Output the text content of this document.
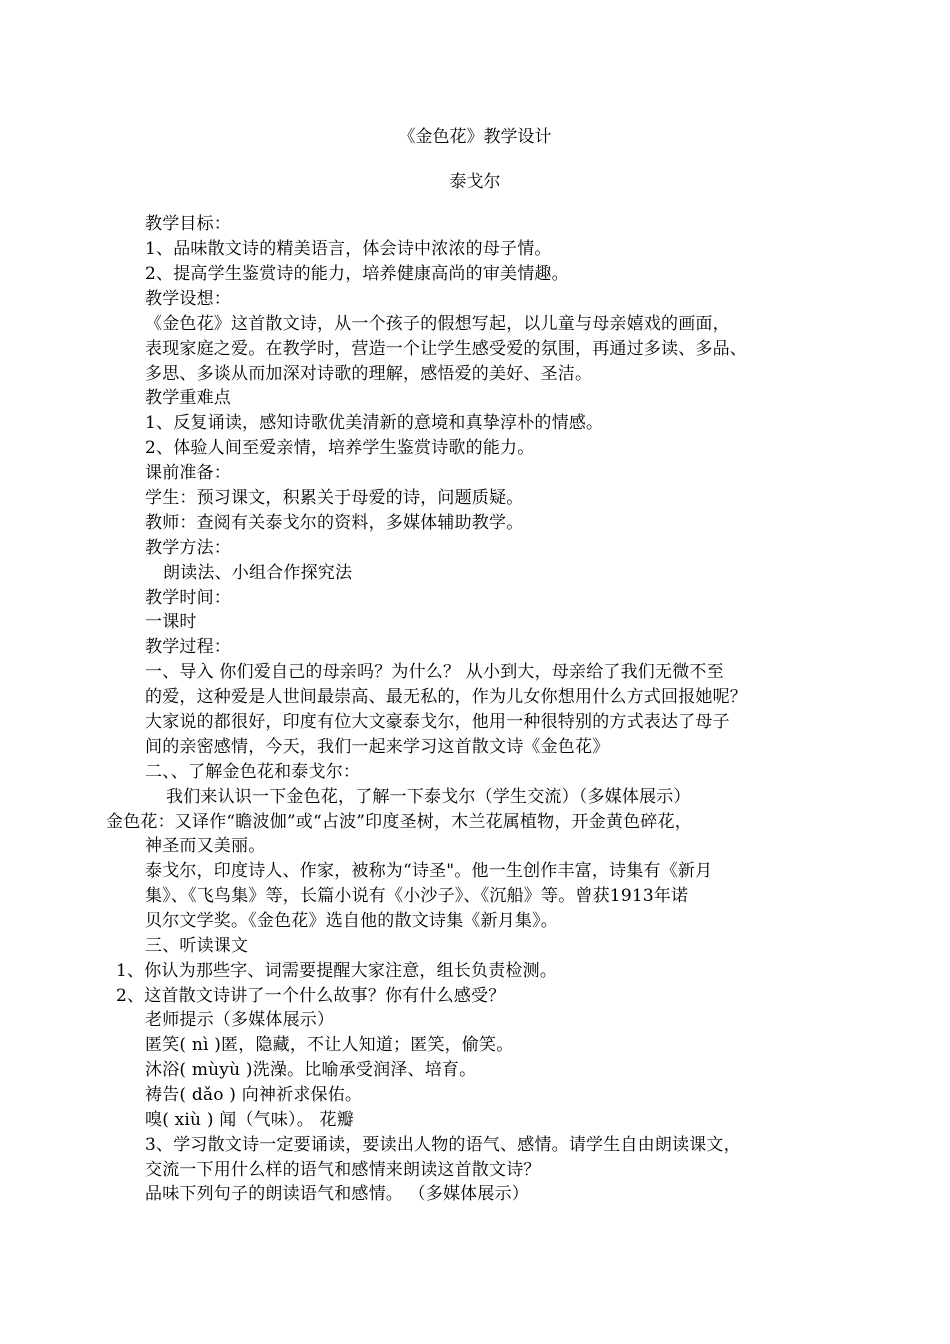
《金色花》教学设计
泰戈尔
教学目标：
1、品味散文诗的精美语言，体会诗中浓浓的母子情。
2、提高学生鉴赏诗的能力，培养健康高尚的审美情趣。
教学设想：
《金色花》这首散文诗，从一个孩子的假想写起，以儿童与母亲嬉戏的画面，
表现家庭之爱。在教学时，营造一个让学生感受爱的氛围，再通过多读、多品、
多思、多谈从而加深对诗歌的理解，感悟爱的美好、圣洁。
教学重难点
1、反复诵读，感知诗歌优美清新的意境和真挚淳朴的情感。
2、体验人间至爱亲情，培养学生鉴赏诗歌的能力。
课前准备：
学生：预习课文，积累关于母爱的诗，问题质疑。
教师：查阅有关泰戈尔的资料，多媒体辅助教学。
教学方法：
朗读法、小组合作探究法
教学时间：
一课时
教学过程：
一、导入 你们爱自己的母亲吗？为什么？ 从小到大，母亲给了我们无微不至
的爱，这种爱是人世间最崇高、最无私的，作为儿女你想用什么方式回报她呢？
大家说的都很好，印度有位大文豪泰戈尔，他用一种很特别的方式表达了母子
间的亲密感情，今天，我们一起来学习这首散文诗《金色花》
二、、了解金色花和泰戈尔：
我们来认识一下金色花，了解一下泰戈尔（学生交流）（多媒体展示）
金色花：又译作“瞻波伽”或“占波”印度圣树，木兰花属植物，开金黄色碎花，
神圣而又美丽。
泰戈尔，印度诗人、作家，被称为“诗圣"。他一生创作丰富，诗集有《新月
集》、《飞鸟集》等，长篇小说有《小沙子》、《沉船》等。曾获1913年诺
贝尔文学奖。《金色花》选自他的散文诗集《新月集》。
三、听读课文
1、你认为那些字、词需要提醒大家注意，组长负责检测。
2、这首散文诗讲了一个什么故事？你有什么感受？
老师提示（多媒体展示）
匿笑( nì )匿，隐藏，不让人知道；匿笑，偷笑。
沐浴( mùyù )洗澡。比喻承受润泽、培育。
祷告( dǎo ) 向神祈求保佑。
嗅( xiù ) 闻（气味）。 花瓣
3、学习散文诗一定要诵读，要读出人物的语气、感情。请学生自由朗读课文，
交流一下用什么样的语气和感情来朗读这首散文诗？
品味下列句子的朗读语气和感情。 （多媒体展示）
